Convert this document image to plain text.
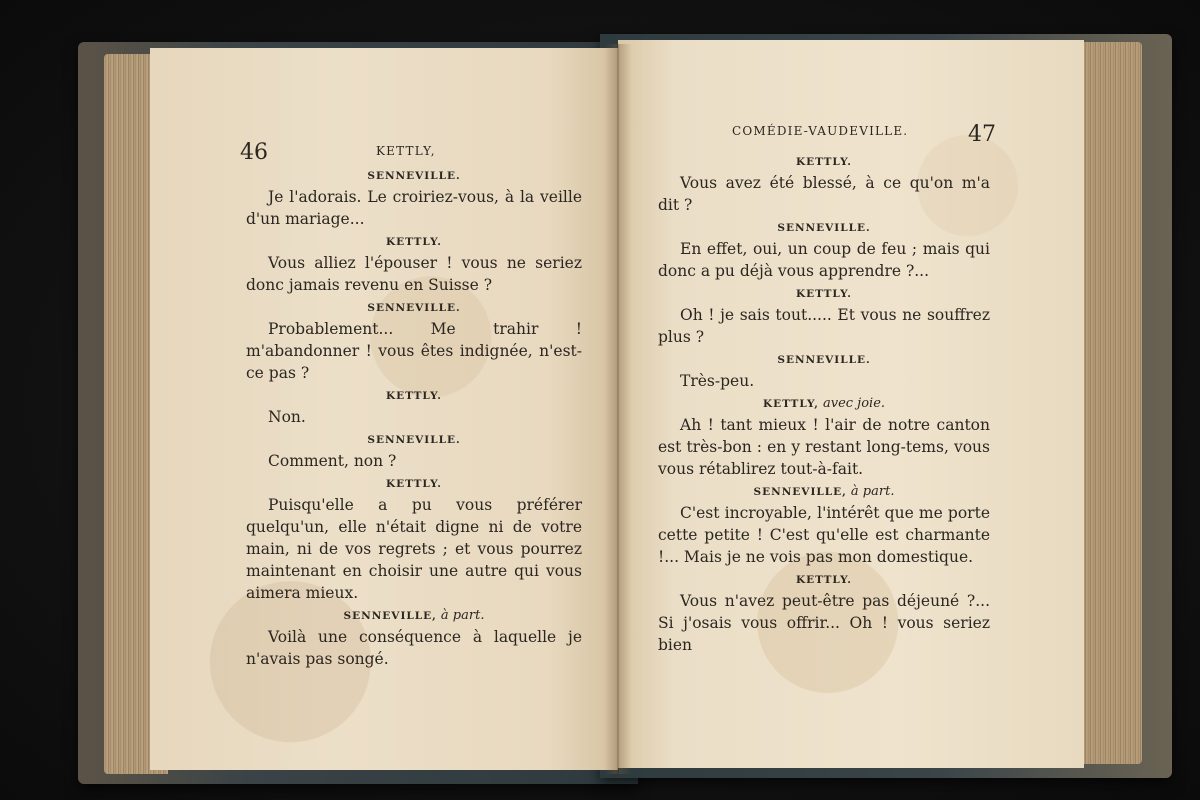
46	KETTLY,
SENNEVILLE.

Je l'adorais. Le croiriez-vous, à la veille d'un mariage...

KETTLY.

Vous alliez l'épouser ! vous ne seriez donc jamais revenu en Suisse ?

SENNEVILLE.

Probablement... Me trahir ! m'abandonner ! vous êtes indignée, n'est-ce pas ?

KETTLY.

Non.

SENNEVILLE.

Comment, non ?

KETTLY.

Puisqu'elle a pu vous préférer quelqu'un, elle n'était digne ni de votre main, ni de vos regrets ; et vous pourrez maintenant en choisir une autre qui vous aimera mieux.

SENNEVILLE, à part.

Voilà une conséquence à laquelle je n'avais pas songé.

COMÉDIE-VAUDEVILLE.	47
KETTLY.

Vous avez été blessé, à ce qu'on m'a dit ?

SENNEVILLE.

En effet, oui, un coup de feu ; mais qui donc a pu déjà vous apprendre ?...

KETTLY.

Oh ! je sais tout..... Et vous ne souffrez plus ?

SENNEVILLE.

Très-peu.

KETTLY, avec joie.

Ah ! tant mieux ! l'air de notre canton est très-bon : en y restant long-tems, vous vous rétablirez tout-à-fait.

SENNEVILLE, à part.

C'est incroyable, l'intérêt que me porte cette petite ! C'est qu'elle est charmante !... Mais je ne vois pas mon domestique.

KETTLY.

Vous n'avez peut-être pas déjeuné ?... Si j'osais vous offrir... Oh ! vous seriez bien
